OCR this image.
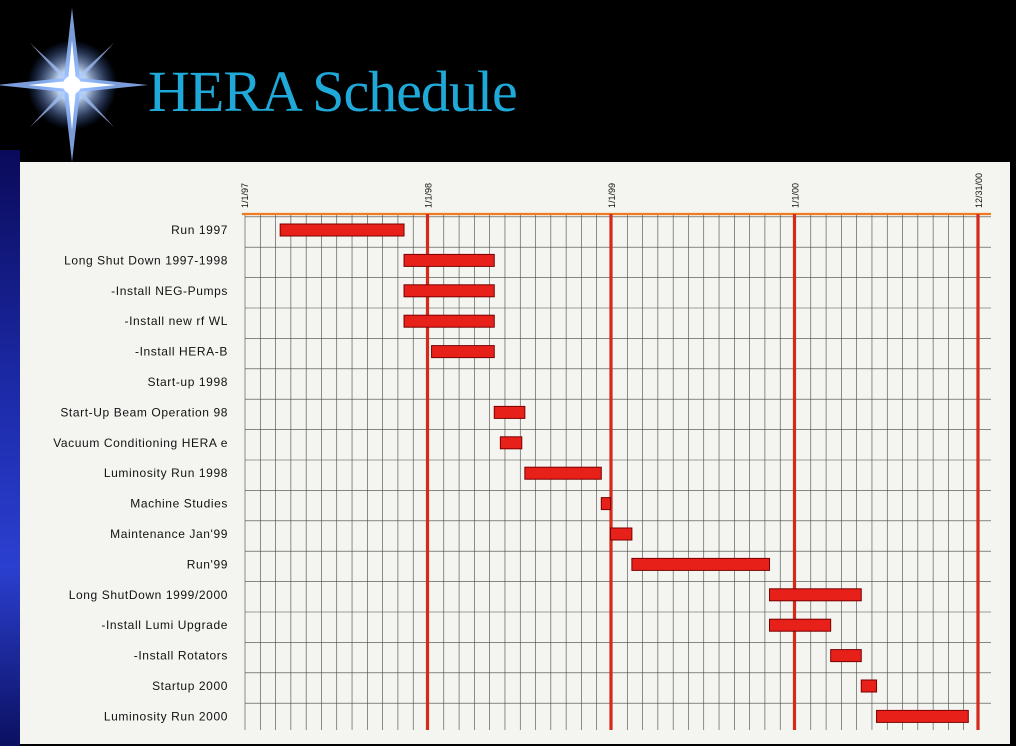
HERA Schedule
1/1/97	1/1/98	1/1/99	1/1/00	12/31/00
Run 1997
Long Shut Down 1997-1998
-Install NEG-Pumps
-Install new rf WL
-Install HERA-B
Start-up 1998
Start-Up Beam Operation 98
Vacuum Conditioning HERA e
Luminosity Run 1998
Machine Studies
Maintenance Jan'99
Run'99
Long ShutDown 1999/2000
-Install Lumi Upgrade
-Install Rotators
Startup 2000
Luminosity Run 2000
